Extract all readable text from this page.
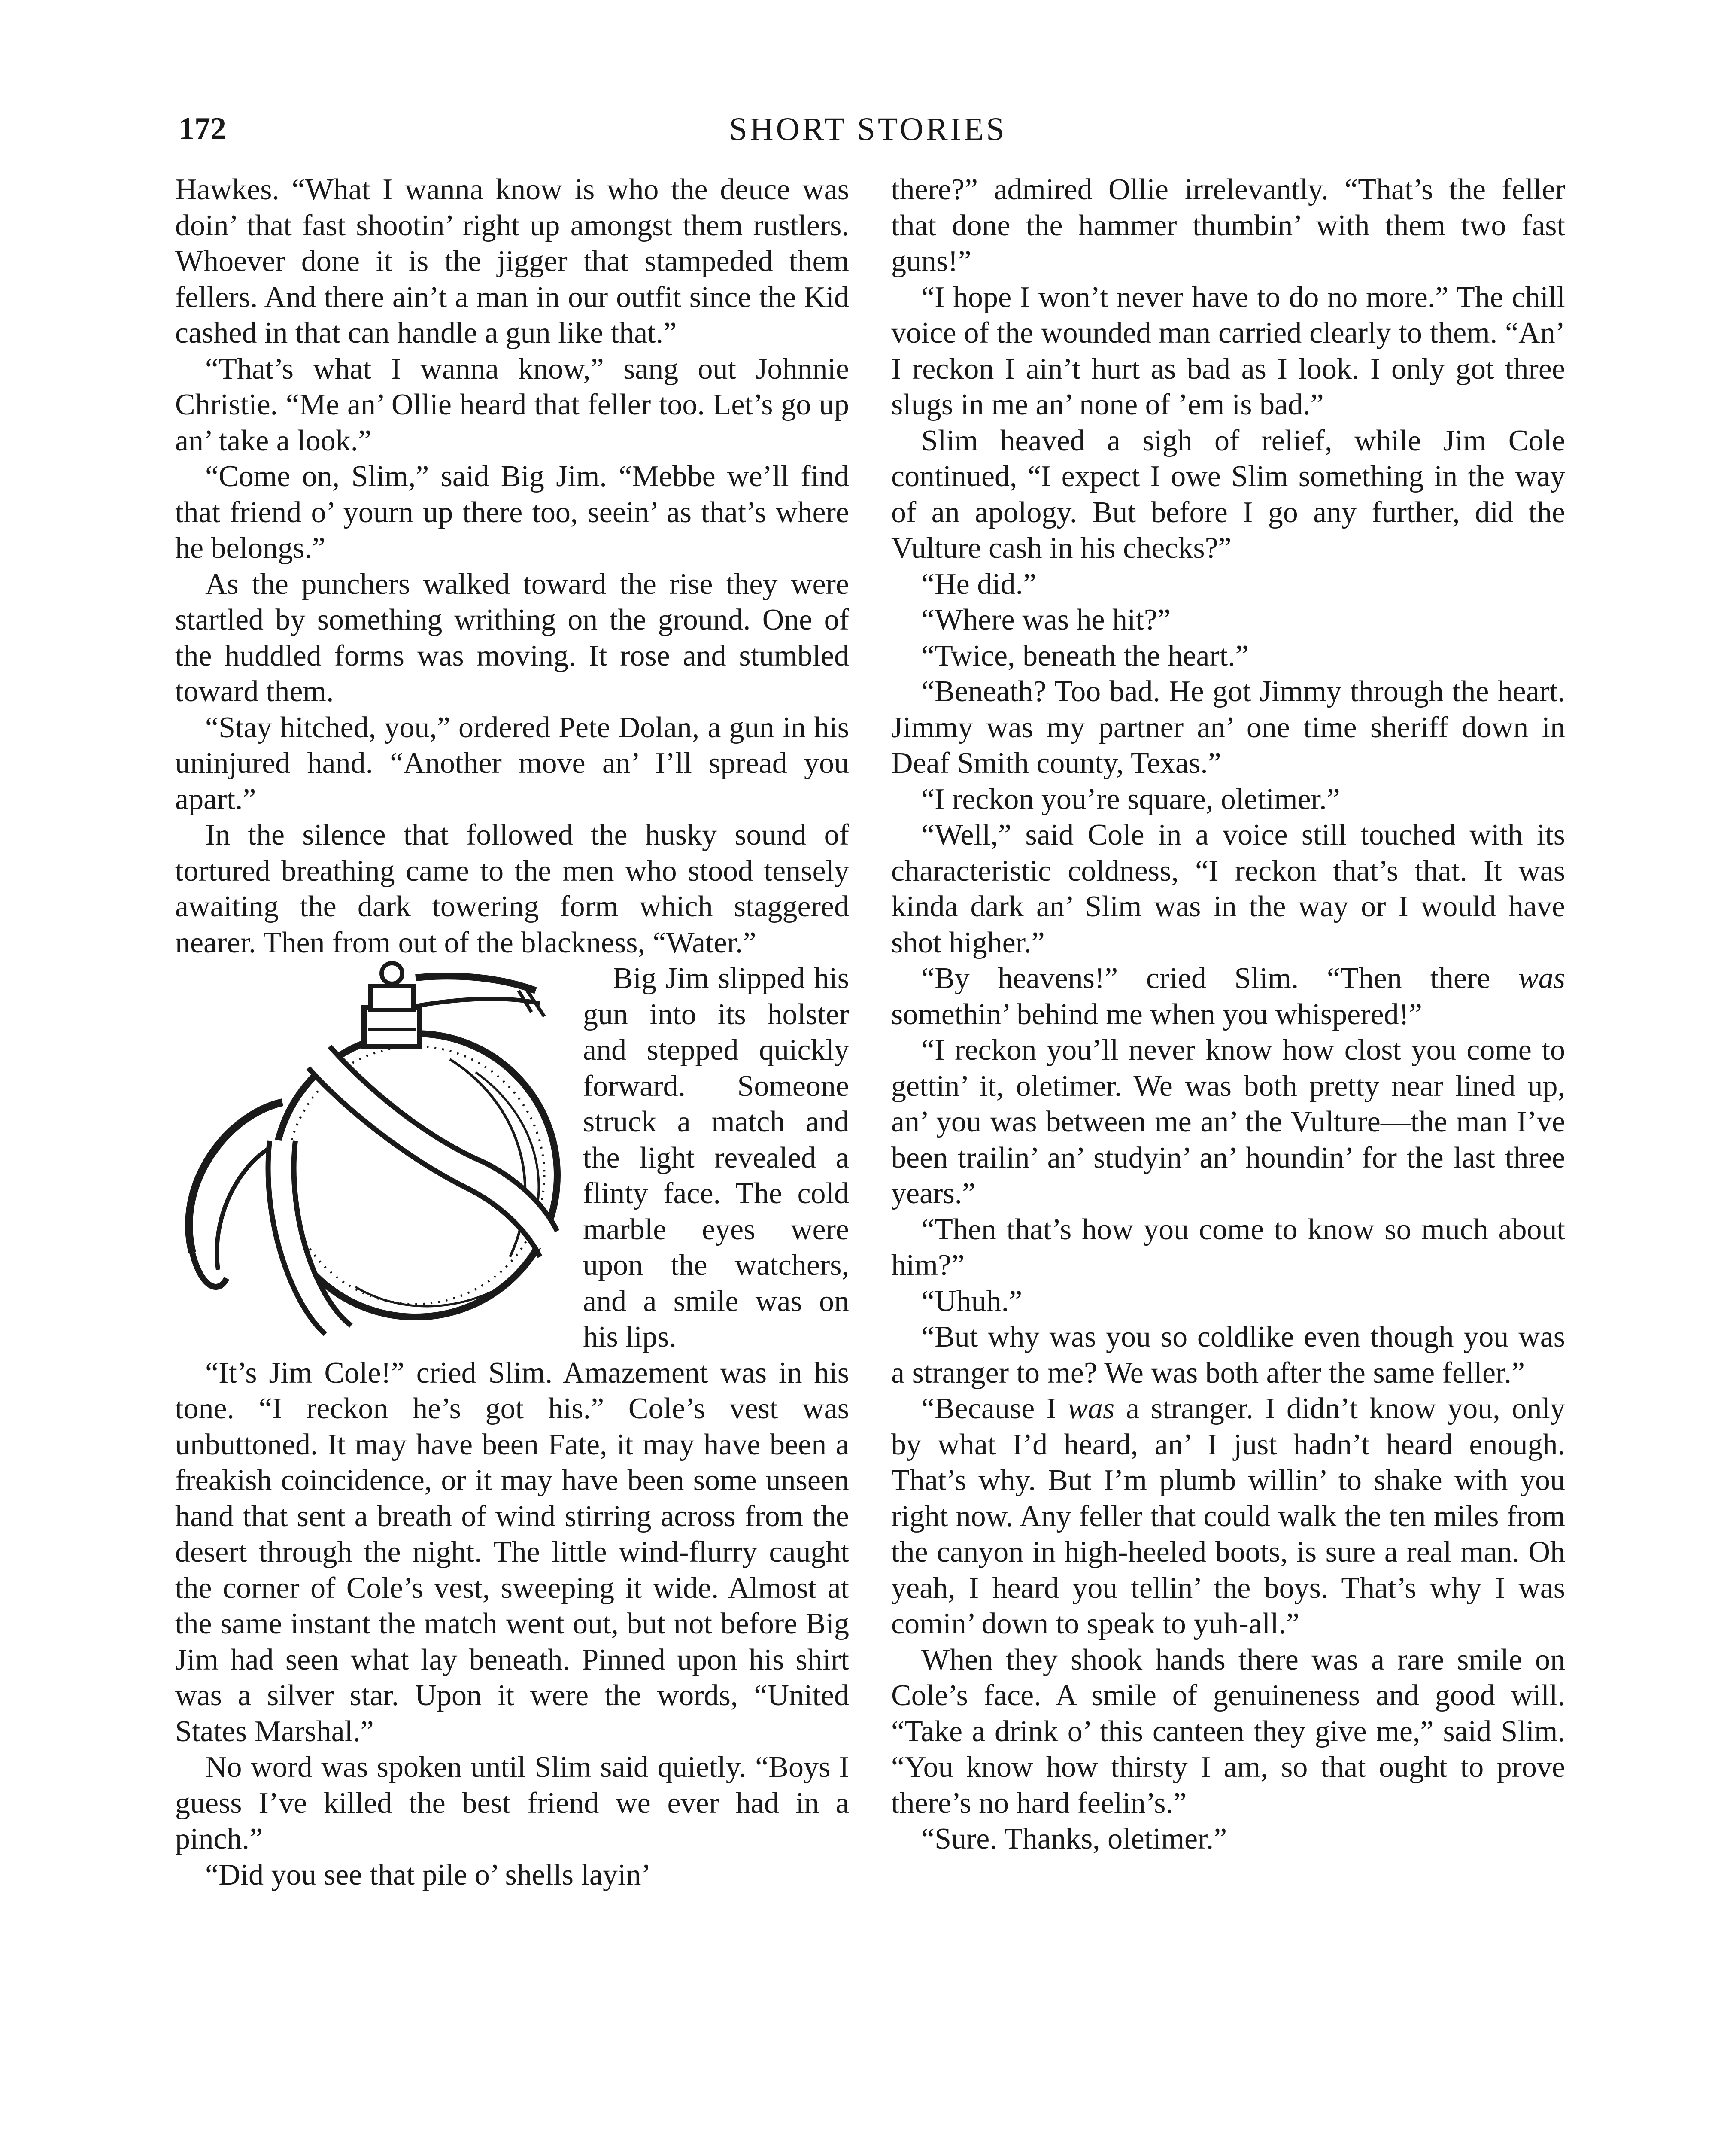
172	SHORT STORIES

Hawkes. “What I wanna know is who the deuce was doin’ that fast shootin’ right up amongst them rustlers. Whoever done it is the jigger that stampeded them fellers. And there ain’t a man in our outfit since the Kid cashed in that can handle a gun like that.”

“That’s what I wanna know,” sang out Johnnie Christie. “Me an’ Ollie heard that feller too. Let’s go up an’ take a look.”

“Come on, Slim,” said Big Jim. “Mebbe we’ll find that friend o’ yourn up there too, seein’ as that’s where he belongs.”

As the punchers walked toward the rise they were startled by something writhing on the ground. One of the huddled forms was moving. It rose and stumbled toward them.

“Stay hitched, you,” ordered Pete Dolan, a gun in his uninjured hand. “Another move an’ I’ll spread you apart.”

In the silence that followed the husky sound of tortured breathing came to the men who stood tensely awaiting the dark towering form which staggered nearer. Then from out of the blackness, “Water.”

Big Jim slipped his gun into its holster and stepped quickly forward. Someone struck a match and the light revealed a flinty face. The cold marble eyes were upon the watchers, and a smile was on his lips.

“It’s Jim Cole!” cried Slim. Amazement was in his tone. “I reckon he’s got his.” Cole’s vest was unbuttoned. It may have been Fate, it may have been a freakish coincidence, or it may have been some unseen hand that sent a breath of wind stirring across from the desert through the night. The little wind-flurry caught the corner of Cole’s vest, sweeping it wide. Almost at the same instant the match went out, but not before Big Jim had seen what lay beneath. Pinned upon his shirt was a silver star. Upon it were the words, “United States Marshal.”

No word was spoken until Slim said quietly. “Boys I guess I’ve killed the best friend we ever had in a pinch.”

“Did you see that pile o’ shells layin’

there?” admired Ollie irrelevantly. “That’s the feller that done the hammer thumbin’ with them two fast guns!”

“I hope I won’t never have to do no more.” The chill voice of the wounded man carried clearly to them. “An’ I reckon I ain’t hurt as bad as I look. I only got three slugs in me an’ none of ’em is bad.”

Slim heaved a sigh of relief, while Jim Cole continued, “I expect I owe Slim something in the way of an apology. But before I go any further, did the Vulture cash in his checks?”

“He did.”

“Where was he hit?”

“Twice, beneath the heart.”

“Beneath? Too bad. He got Jimmy through the heart. Jimmy was my partner an’ one time sheriff down in Deaf Smith county, Texas.”

“I reckon you’re square, oletimer.”

“Well,” said Cole in a voice still touched with its characteristic coldness, “I reckon that’s that. It was kinda dark an’ Slim was in the way or I would have shot higher.”

“By heavens!” cried Slim. “Then there was somethin’ behind me when you whispered!”

“I reckon you’ll never know how clost you come to gettin’ it, oletimer. We was both pretty near lined up, an’ you was between me an’ the Vulture—the man I’ve been trailin’ an’ studyin’ an’ houndin’ for the last three years.”

“Then that’s how you come to know so much about him?”

“Uhuh.”

“But why was you so coldlike even though you was a stranger to me? We was both after the same feller.”

“Because I was a stranger. I didn’t know you, only by what I’d heard, an’ I just hadn’t heard enough. That’s why. But I’m plumb willin’ to shake with you right now. Any feller that could walk the ten miles from the canyon in high-heeled boots, is sure a real man. Oh yeah, I heard you tellin’ the boys. That’s why I was comin’ down to speak to yuh-all.”

When they shook hands there was a rare smile on Cole’s face. A smile of genuineness and good will. “Take a drink o’ this canteen they give me,” said Slim. “You know how thirsty I am, so that ought to prove there’s no hard feelin’s.”

“Sure. Thanks, oletimer.”
